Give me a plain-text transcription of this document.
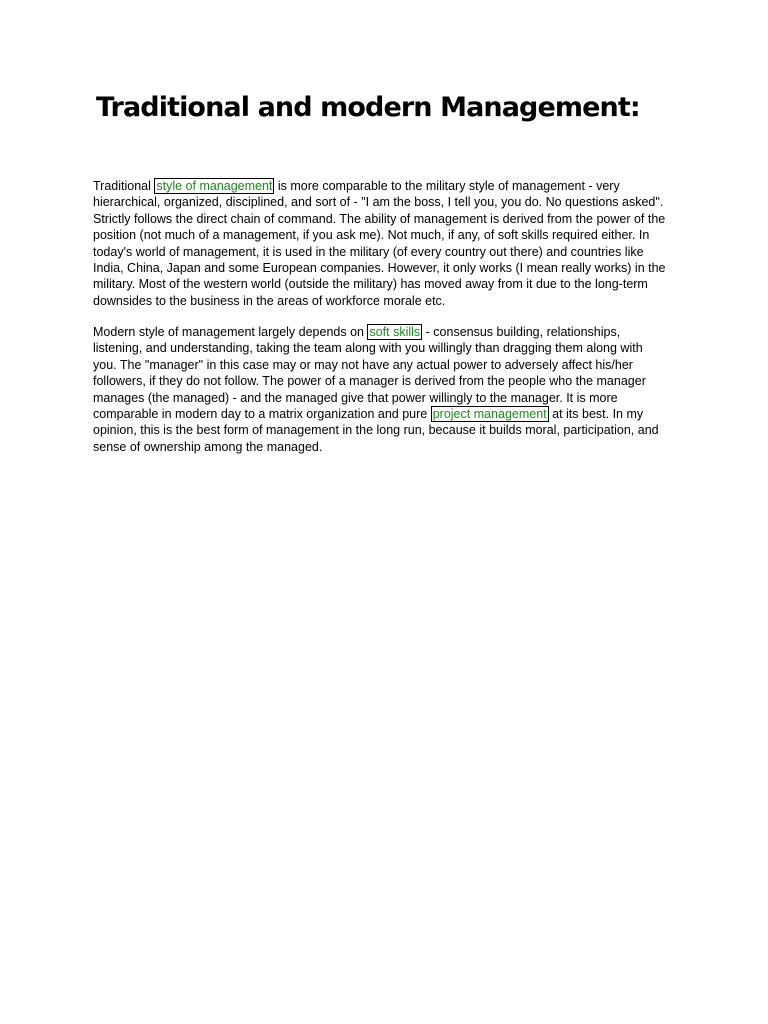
Traditional and modern Management:

Traditional style of management is more comparable to the military style of management - very hierarchical, organized, disciplined, and sort of - "I am the boss, I tell you, you do. No questions asked". Strictly follows the direct chain of command. The ability of management is derived from the power of the position (not much of a management, if you ask me). Not much, if any, of soft skills required either. In today's world of management, it is used in the military (of every country out there) and countries like India, China, Japan and some European companies. However, it only works (I mean really works) in the military. Most of the western world (outside the military) has moved away from it due to the long-term downsides to the business in the areas of workforce morale etc.

Modern style of management largely depends on soft skills - consensus building, relationships, listening, and understanding, taking the team along with you willingly than dragging them along with you. The "manager" in this case may or may not have any actual power to adversely affect his/her followers, if they do not follow. The power of a manager is derived from the people who the manager manages (the managed) - and the managed give that power willingly to the manager. It is more comparable in modern day to a matrix organization and pure project management at its best. In my opinion, this is the best form of management in the long run, because it builds moral, participation, and sense of ownership among the managed.
